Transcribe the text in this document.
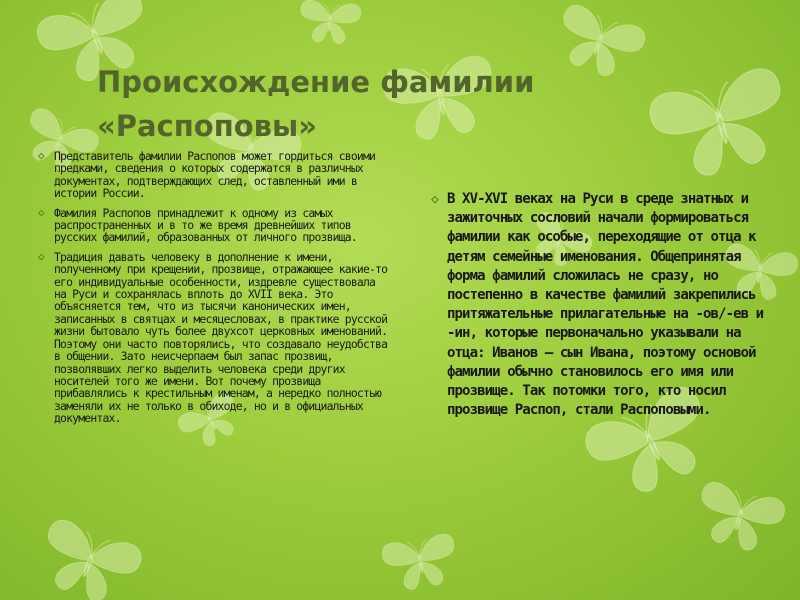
Происхождение фамилии
«Распоповы»
◇ Представитель фамилии Распопов может гордиться своими предками, сведения о которых содержатся в различных документах, подтверждающих след, оставленный ими в истории России.
◇ Фамилия Распопов принадлежит к одному из самых распространенных и в то же время древнейших типов русских фамилий, образованных от личного прозвища.
◇ Традиция давать человеку в дополнение к имени, полученному при крещении, прозвище, отражающее какие-то его индивидуальные особенности, издревле существовала на Руси и сохранялась вплоть до XVII века. Это объясняется тем, что из тысячи канонических имен, записанных в святцах и месяцесловах, в практике русской жизни бытовало чуть более двухсот церковных именований. Поэтому они часто повторялись, что создавало неудобства в общении. Зато неисчерпаем был запас прозвищ, позволявших легко выделить человека среди других носителей того же имени. Вот почему прозвища прибавлялись к крестильным именам, а нередко полностью заменяли их не только в обиходе, но и в официальных документах.
◇ В XV-XVI веках на Руси в среде знатных и зажиточных сословий начали формироваться фамилии как особые, переходящие от отца к детям семейные именования. Общепринятая форма фамилий сложилась не сразу, но постепенно в качестве фамилий закрепились притяжательные прилагательные на -ов/-ев и -ин, которые первоначально указывали на отца: Иванов – сын Ивана, поэтому основой фамилии обычно становилось его имя или прозвище. Так потомки того, кто носил прозвище Распоп, стали Распоповыми.
